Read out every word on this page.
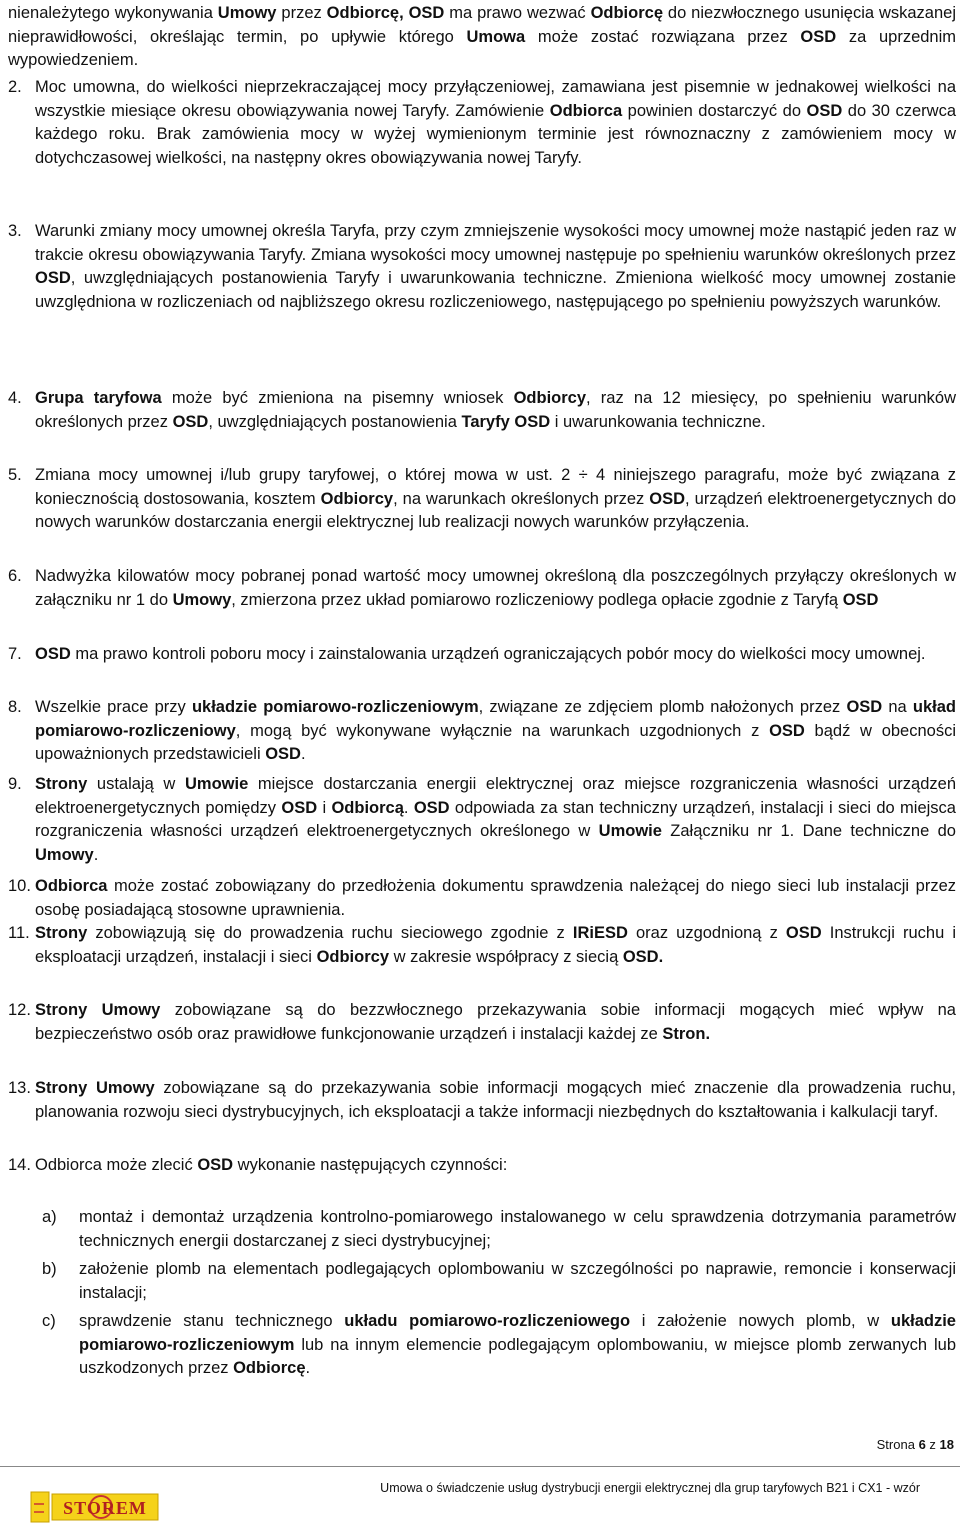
nienależytego wykonywania Umowy przez Odbiorcę, OSD ma prawo wezwać Odbiorcę do niezwłocznego usunięcia wskazanej nieprawidłowości, określając termin, po upływie którego Umowa może zostać rozwiązana przez OSD za uprzednim wypowiedzeniem.
2. Moc umowna, do wielkości nieprzekraczającej mocy przyłączeniowej, zamawiana jest pisemnie w jednakowej wielkości na wszystkie miesiące okresu obowiązywania nowej Taryfy. Zamówienie Odbiorca powinien dostarczyć do OSD do 30 czerwca każdego roku. Brak zamówienia mocy w wyżej wymienionym terminie jest równoznaczny z zamówieniem mocy w dotychczasowej wielkości, na następny okres obowiązywania nowej Taryfy.
3. Warunki zmiany mocy umownej określa Taryfa, przy czym zmniejszenie wysokości mocy umownej może nastąpić jeden raz w trakcie okresu obowiązywania Taryfy. Zmiana wysokości mocy umownej następuje po spełnieniu warunków określonych przez OSD, uwzględniających postanowienia Taryfy i uwarunkowania techniczne. Zmieniona wielkość mocy umownej zostanie uwzględniona w rozliczeniach od najbliższego okresu rozliczeniowego, następującego po spełnieniu powyższych warunków.
4. Grupa taryfowa może być zmieniona na pisemny wniosek Odbiorcy, raz na 12 miesięcy, po spełnieniu warunków określonych przez OSD, uwzględniających postanowienia Taryfy OSD i uwarunkowania techniczne.
5. Zmiana mocy umownej i/lub grupy taryfowej, o której mowa w ust. 2 ÷ 4 niniejszego paragrafu, może być związana z koniecznością dostosowania, kosztem Odbiorcy, na warunkach określonych przez OSD, urządzeń elektroenergetycznych do nowych warunków dostarczania energii elektrycznej lub realizacji nowych warunków przyłączenia.
6. Nadwyżka kilowatów mocy pobranej ponad wartość mocy umownej określoną dla poszczególnych przyłączy określonych w załączniku nr 1 do Umowy, zmierzona przez układ pomiarowo rozliczeniowy podlega opłacie zgodnie z Taryfą OSD
7. OSD ma prawo kontroli poboru mocy i zainstalowania urządzeń ograniczających pobór mocy do wielkości mocy umownej.
8. Wszelkie prace przy układzie pomiarowo-rozliczeniowym, związane ze zdjęciem plomb nałożonych przez OSD na układ pomiarowo-rozliczeniowy, mogą być wykonywane wyłącznie na warunkach uzgodnionych z OSD bądź w obecności upoważnionych przedstawicieli OSD.
9. Strony ustalają w Umowie miejsce dostarczania energii elektrycznej oraz miejsce rozgraniczenia własności urządzeń elektroenergetycznych pomiędzy OSD i Odbiorcą. OSD odpowiada za stan techniczny urządzeń, instalacji i sieci do miejsca rozgraniczenia własności urządzeń elektroenergetycznych określonego w Umowie Załączniku nr 1. Dane techniczne do Umowy.
10. Odbiorca może zostać zobowiązany do przedłożenia dokumentu sprawdzenia należącej do niego sieci lub instalacji przez osobę posiadającą stosowne uprawnienia.
11. Strony zobowiązują się do prowadzenia ruchu sieciowego zgodnie z IRiESD oraz uzgodnioną z OSD Instrukcji ruchu i eksploatacji urządzeń, instalacji i sieci Odbiorcy w zakresie współpracy z siecią OSD.
12. Strony Umowy zobowiązane są do bezzwłocznego przekazywania sobie informacji mogących mieć wpływ na bezpieczeństwo osób oraz prawidłowe funkcjonowanie urządzeń i instalacji każdej ze Stron.
13. Strony Umowy zobowiązane są do przekazywania sobie informacji mogących mieć znaczenie dla prowadzenia ruchu, planowania rozwoju sieci dystrybucyjnych, ich eksploatacji a także informacji niezbędnych do kształtowania i kalkulacji taryf.
14. Odbiorca może zlecić OSD wykonanie następujących czynności:
a) montaż i demontaż urządzenia kontrolno-pomiarowego instalowanego w celu sprawdzenia dotrzymania parametrów technicznych energii dostarczanej z sieci dystrybucyjnej;
b) założenie plomb na elementach podlegających oplombowaniu w szczególności po naprawie, remoncie i konserwacji instalacji;
c) sprawdzenie stanu technicznego układu pomiarowo-rozliczeniowego i założenie nowych plomb, w układzie pomiarowo-rozliczeniowym lub na innym elemencie podlegającym oplombowaniu, w miejsce plomb zerwanych lub uszkodzonych przez Odbiorcę.
Strona 6 z 18
Umowa o świadczenie usług dystrybucji energii elektrycznej dla grup taryfowych B21 i CX1 - wzór
STOREM
